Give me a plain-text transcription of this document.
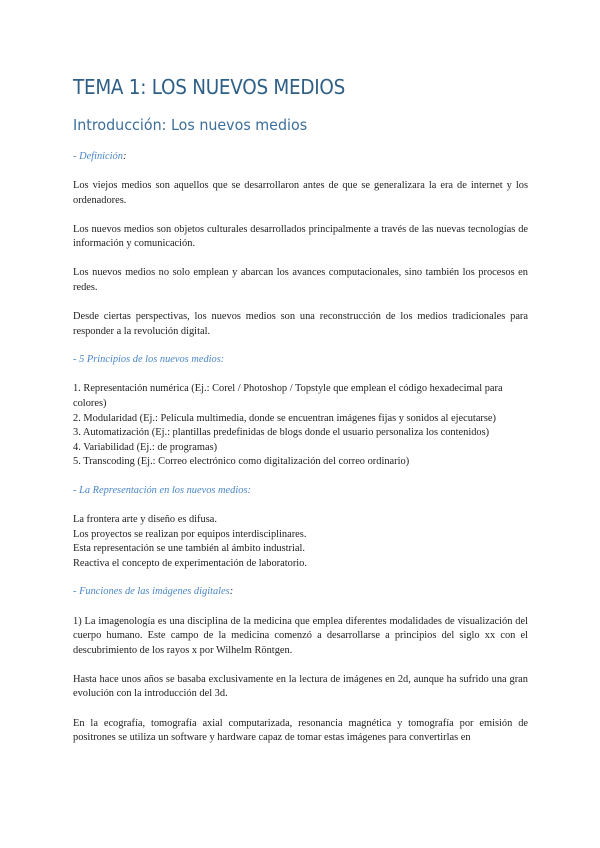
TEMA 1: LOS NUEVOS MEDIOS
Introducción: Los nuevos medios

- Definición:

Los viejos medios son aquellos que se desarrollaron antes de que se generalizara la era de internet y los ordenadores.

Los nuevos medios son objetos culturales desarrollados principalmente a través de las nuevas tecnologías de información y comunicación.

Los nuevos medios no solo emplean y abarcan los avances computacionales, sino también los procesos en redes.

Desde ciertas perspectivas, los nuevos medios son una reconstrucción de los medios tradicionales para responder a la revolución digital.

- 5 Principios de los nuevos medios:

1. Representación numérica (Ej.: Corel / Photoshop / Topstyle que emplean el código hexadecimal para colores)

2. Modularidad (Ej.: Película multimedia, donde se encuentran imágenes fijas y sonidos al ejecutarse)

3. Automatización (Ej.: plantillas predefinidas de blogs donde el usuario personaliza los contenidos)

4. Variabilidad (Ej.: de programas)

5. Transcoding (Ej.: Correo electrónico como digitalización del correo ordinario)

- La Representación en los nuevos medios:

La frontera arte y diseño es difusa.

Los proyectos se realizan por equipos interdisciplinares.

Esta representación se une también al ámbito industrial.

Reactiva el concepto de experimentación de laboratorio.

- Funciones de las imágenes digitales:

1) La imagenología es una disciplina de la medicina que emplea diferentes modalidades de visualización del cuerpo humano. Este campo de la medicina comenzó a desarrollarse a principios del siglo xx con el descubrimiento de los rayos x por Wilhelm Röntgen.

Hasta hace unos años se basaba exclusivamente en la lectura de imágenes en 2d, aunque ha sufrido una gran evolución con la introducción del 3d.

En la ecografía, tomografía axial computarizada, resonancia magnética y tomografía por emisión de positrones se utiliza un software y hardware capaz de tomar estas imágenes para convertirlas en
